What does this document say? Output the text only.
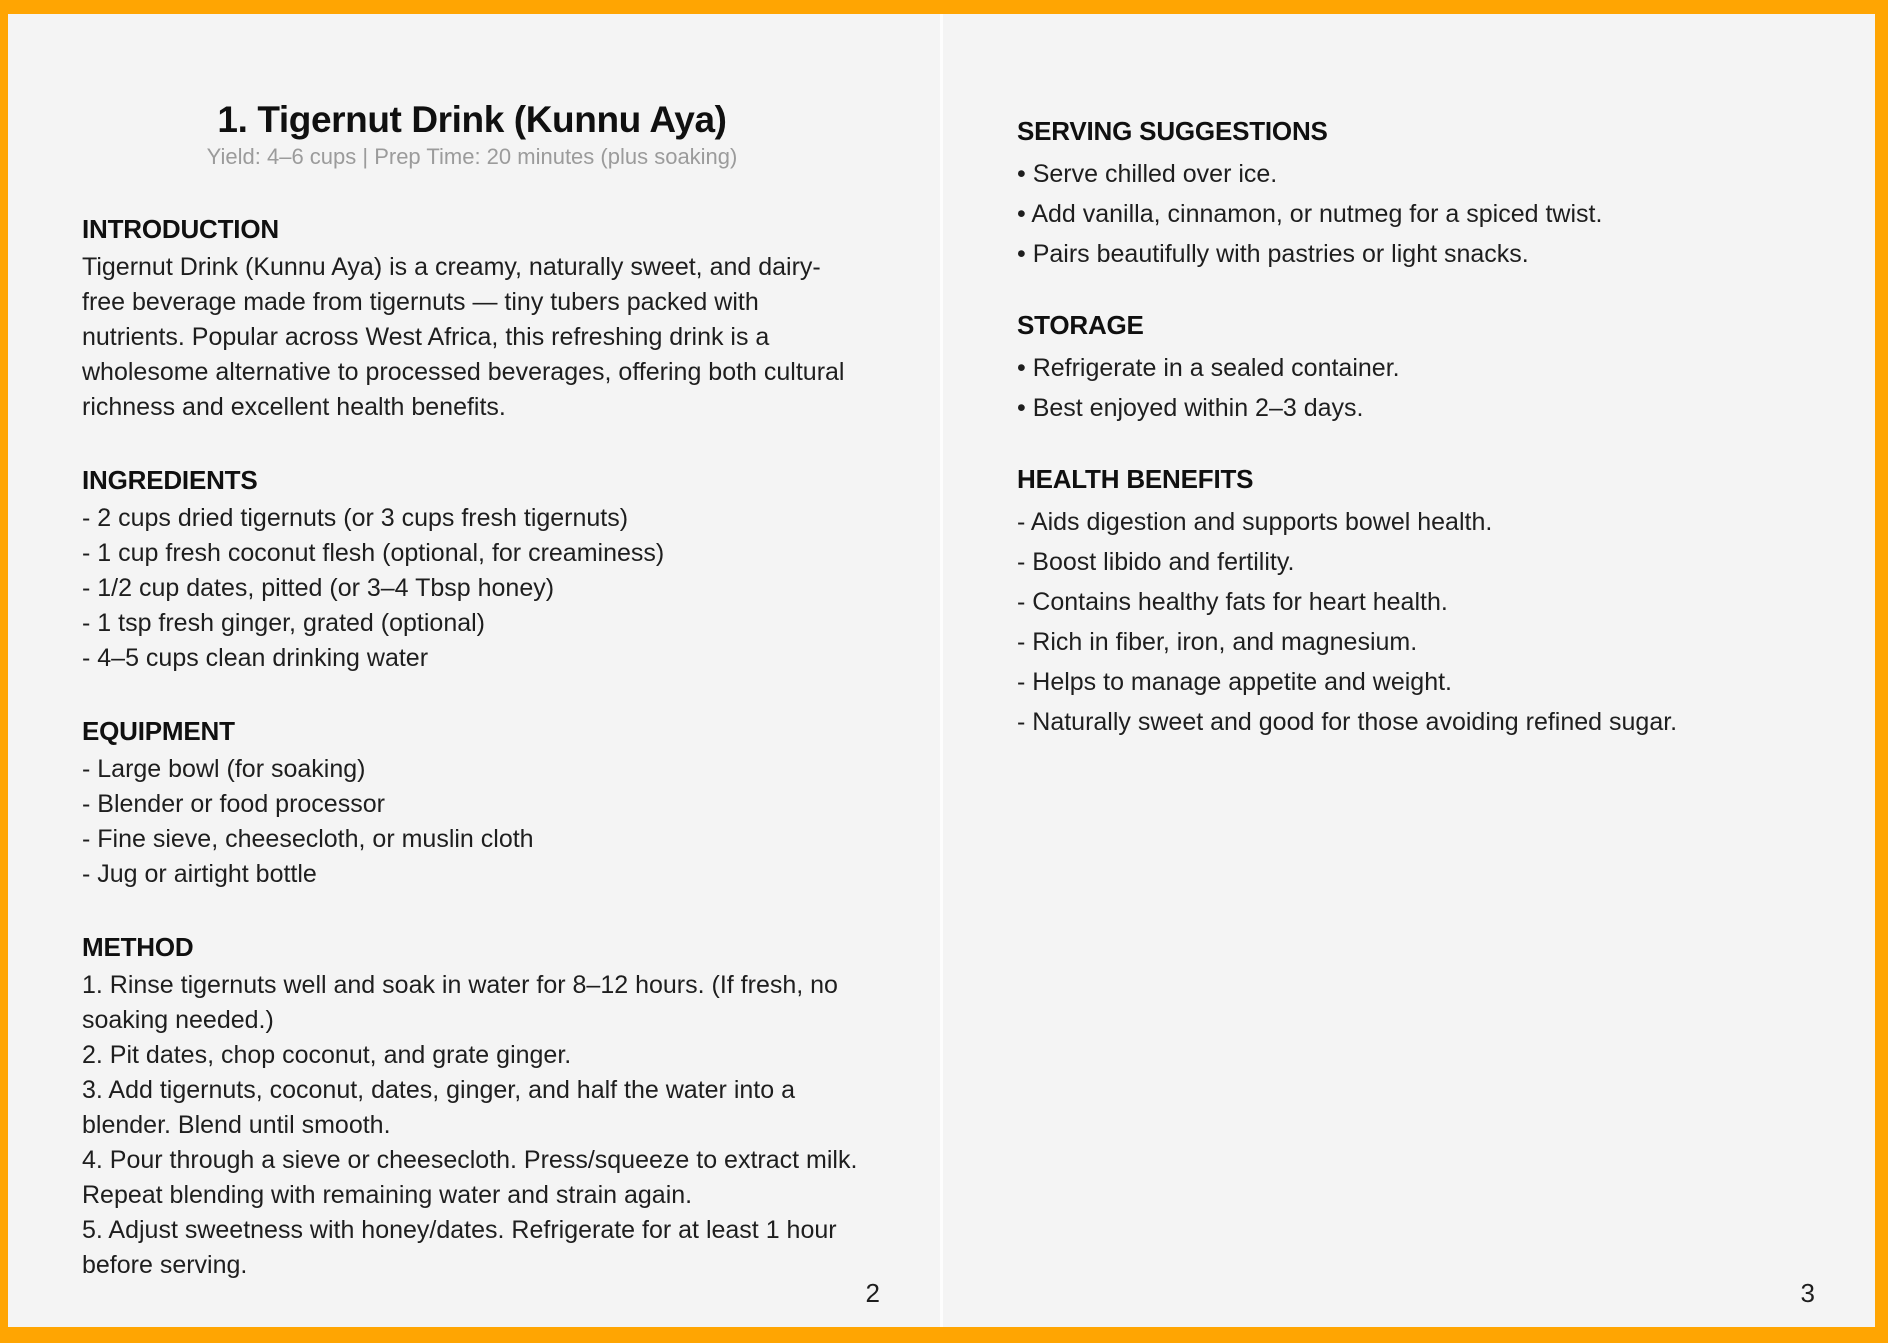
1. Tigernut Drink (Kunnu Aya)

Yield: 4–6 cups | Prep Time: 20 minutes (plus soaking)

INTRODUCTION

Tigernut Drink (Kunnu Aya) is a creamy, naturally sweet, and dairy-free beverage made from tigernuts — tiny tubers packed with nutrients. Popular across West Africa, this refreshing drink is a wholesome alternative to processed beverages, offering both cultural richness and excellent health benefits.

INGREDIENTS
- 2 cups dried tigernuts (or 3 cups fresh tigernuts)
- 1 cup fresh coconut flesh (optional, for creaminess)
- 1/2 cup dates, pitted (or 3–4 Tbsp honey)
- 1 tsp fresh ginger, grated (optional)
- 4–5 cups clean drinking water
EQUIPMENT
- Large bowl (for soaking)
- Blender or food processor
- Fine sieve, cheesecloth, or muslin cloth
- Jug or airtight bottle
METHOD
1. Rinse tigernuts well and soak in water for 8–12 hours. (If fresh, no soaking needed.)
2. Pit dates, chop coconut, and grate ginger.
3. Add tigernuts, coconut, dates, ginger, and half the water into a blender. Blend until smooth.
4. Pour through a sieve or cheesecloth. Press/squeeze to extract milk. Repeat blending with remaining water and strain again.
5. Adjust sweetness with honey/dates. Refrigerate for at least 1 hour before serving.
2
SERVING SUGGESTIONS
• Serve chilled over ice.
• Add vanilla, cinnamon, or nutmeg for a spiced twist.
• Pairs beautifully with pastries or light snacks.
STORAGE
• Refrigerate in a sealed container.
• Best enjoyed within 2–3 days.
HEALTH BENEFITS
- Aids digestion and supports bowel health.
- Boost libido and fertility.
- Contains healthy fats for heart health.
- Rich in fiber, iron, and magnesium.
- Helps to manage appetite and weight.
- Naturally sweet and good for those avoiding refined sugar.
3
